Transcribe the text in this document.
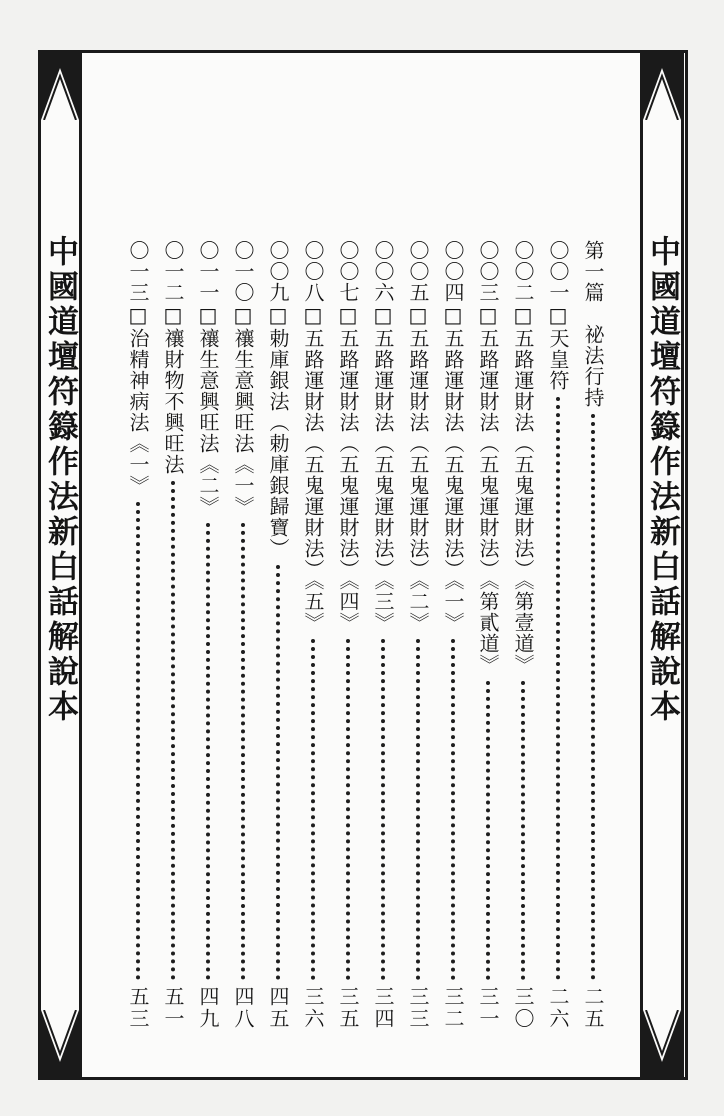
中國道壇符籙作法新白話解說本
中國道壇符籙作法新白話解說本	第一篇　祕法行持
二五
〇〇一□天皇符
二六
〇〇二□五路運財法（五鬼運財法）《第壹道》
三〇
〇〇三□五路運財法（五鬼運財法）《第貳道》
三一
〇〇四□五路運財法（五鬼運財法）《一》
三二
〇〇五□五路運財法（五鬼運財法）《二》
三三
〇〇六□五路運財法（五鬼運財法）《三》
三四
〇〇七□五路運財法（五鬼運財法）《四》
三五
〇〇八□五路運財法（五鬼運財法）《五》
三六
〇〇九□勅庫銀法（勅庫銀歸寶）
四五
〇一〇□禳生意興旺法《一》
四八
〇一一□禳生意興旺法《二》
四九
〇一二□禳財物不興旺法
五一
〇一三□治精神病法《一》
五三
